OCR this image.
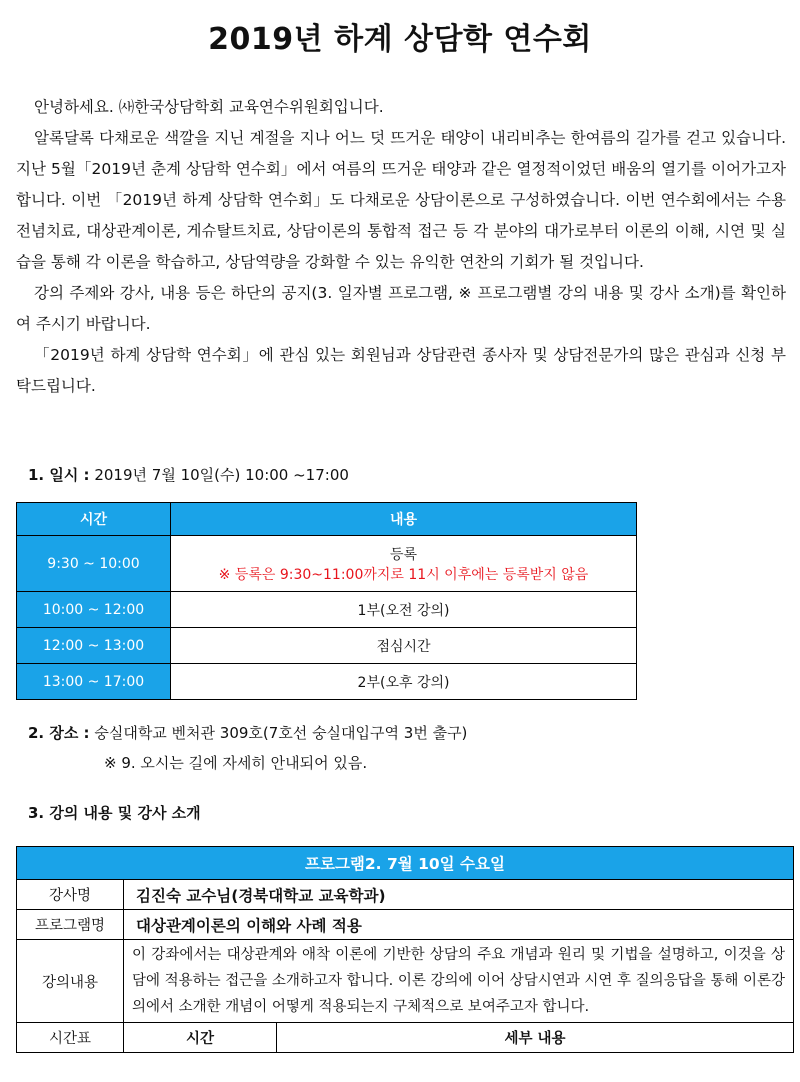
2019년 하계 상담학 연수회

안녕하세요. ㈔한국상담학회 교육연수위원회입니다.

알록달록 다채로운 색깔을 지닌 계절을 지나 어느 덧 뜨거운 태양이 내리비추는 한여름의 길가를 걷고 있습니다. 지난 5월「2019년 춘계 상담학 연수회」에서 여름의 뜨거운 태양과 같은 열정적이었던 배움의 열기를 이어가고자 합니다. 이번 「2019년 하계 상담학 연수회」도 다채로운 상담이론으로 구성하였습니다. 이번 연수회에서는 수용전념치료, 대상관계이론, 게슈탈트치료, 상담이론의 통합적 접근 등 각 분야의 대가로부터 이론의 이해, 시연 및 실습을 통해 각 이론을 학습하고, 상담역량을 강화할 수 있는 유익한 연찬의 기회가 될 것입니다.

강의 주제와 강사, 내용 등은 하단의 공지(3. 일자별 프로그램, ※ 프로그램별 강의 내용 및 강사 소개)를 확인하여 주시기 바랍니다.

「2019년 하계 상담학 연수회」에 관심 있는 회원님과 상담관련 종사자 및 상담전문가의 많은 관심과 신청 부탁드립니다.

1. 일시 : 2019년 7월 10일(수) 10:00 ~17:00
시간	내용
9:30 ~ 10:00	등록
※ 등록은 9:30~11:00까지로 11시 이후에는 등록받지 않음

10:00 ~ 12:00	1부(오전 강의)
12:00 ~ 13:00	점심시간
13:00 ~ 17:00	2부(오후 강의)
2. 장소 : 숭실대학교 벤처관 309호(7호선 숭실대입구역 3번 출구)
※ 9. 오시는 길에 자세히 안내되어 있음.
3. 강의 내용 및 강사 소개
프로그램2. 7월 10일 수요일		
강사명	김진숙 교수님(경북대학교 교육학과)	
프로그램명	대상관계이론의 이해와 사례 적용	
강의내용	이 강좌에서는 대상관계와 애착 이론에 기반한 상담의 주요 개념과 원리 및 기법을 설명하고, 이것을 상담에 적용하는 접근을 소개하고자 합니다. 이론 강의에 이어 상담시연과 시연 후 질의응답을 통해 이론강의에서 소개한 개념이 어떻게 적용되는지 구체적으로 보여주고자 합니다.	
시간표	시간	세부 내용
